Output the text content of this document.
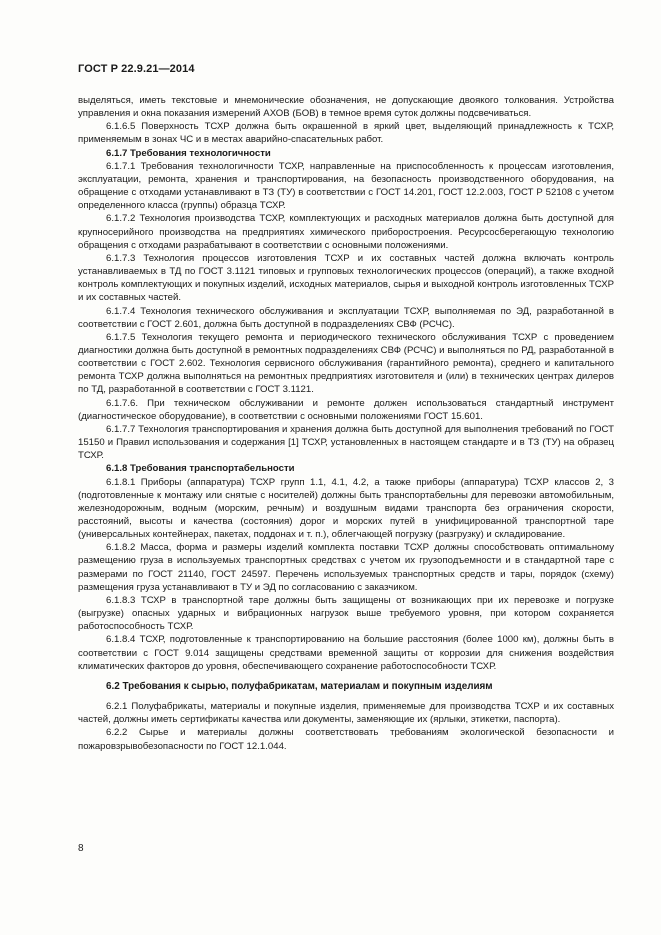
ГОСТ Р 22.9.21—2014

выделяться, иметь текстовые и мнемонические обозначения, не допускающие двоякого толкования. Устройства управления и окна показания измерений АХОВ (БОВ) в темное время суток должны подсвечиваться.

6.1.6.5 Поверхность ТСХР должна быть окрашенной в яркий цвет, выделяющий принадлежность к ТСХР, применяемым в зонах ЧС и в местах аварийно-спасательных работ.

6.1.7 Требования технологичности

6.1.7.1 Требования технологичности ТСХР, направленные на приспособленность к процессам изготовления, эксплуатации, ремонта, хранения и транспортирования, на безопасность производственного оборудования, на обращение с отходами устанавливают в ТЗ (ТУ) в соответствии с ГОСТ 14.201, ГОСТ 12.2.003, ГОСТ Р 52108 с учетом определенного класса (группы) образца ТСХР.

6.1.7.2 Технология производства ТСХР, комплектующих и расходных материалов должна быть доступной для крупносерийного производства на предприятиях химического приборостроения. Ресурсосберегающую технологию обращения с отходами разрабатывают в соответствии с основными положениями.

6.1.7.3 Технология процессов изготовления ТСХР и их составных частей должна включать контроль устанавливаемых в ТД по ГОСТ 3.1121 типовых и групповых технологических процессов (операций), а также входной контроль комплектующих и покупных изделий, исходных материалов, сырья и выходной контроль изготовленных ТСХР и их составных частей.

6.1.7.4 Технология технического обслуживания и эксплуатации ТСХР, выполняемая по ЭД, разработанной в соответствии с ГОСТ 2.601, должна быть доступной в подразделениях СВФ (РСЧС).

6.1.7.5 Технология текущего ремонта и периодического технического обслуживания ТСХР с проведением диагностики должна быть доступной в ремонтных подразделениях СВФ (РСЧС) и выполняться по РД, разработанной в соответствии с ГОСТ 2.602. Технология сервисного обслуживания (гарантийного ремонта), среднего и капитального ремонта ТСХР должна выполняться на ремонтных предприятиях изготовителя и (или) в технических центрах дилеров по ТД, разработанной в соответствии с ГОСТ 3.1121.

6.1.7.6. При техническом обслуживании и ремонте должен использоваться стандартный инструмент (диагностическое оборудование), в соответствии с основными положениями ГОСТ 15.601.

6.1.7.7 Технология транспортирования и хранения должна быть доступной для выполнения требований по ГОСТ 15150 и Правил использования и содержания [1] ТСХР, установленных в настоящем стандарте и в ТЗ (ТУ) на образец ТСХР.

6.1.8 Требования транспортабельности

6.1.8.1 Приборы (аппаратура) ТСХР групп 1.1, 4.1, 4.2, а также приборы (аппаратура) ТСХР классов 2, 3 (подготовленные к монтажу или снятые с носителей) должны быть транспортабельны для перевозки автомобильным, железнодорожным, водным (морским, речным) и воздушным видами транспорта без ограничения скорости, расстояний, высоты и качества (состояния) дорог и морских путей в унифицированной транспортной таре (универсальных контейнерах, пакетах, поддонах и т. п.), облегчающей погрузку (разгрузку) и складирование.

6.1.8.2 Масса, форма и размеры изделий комплекта поставки ТСХР должны способствовать оптимальному размещению груза в используемых транспортных средствах с учетом их грузоподъемности и в стандартной таре с размерами по ГОСТ 21140, ГОСТ 24597. Перечень используемых транспортных средств и тары, порядок (схему) размещения груза устанавливают в ТУ и ЭД по согласованию с заказчиком.

6.1.8.3 ТСХР в транспортной таре должны быть защищены от возникающих при их перевозке и погрузке (выгрузке) опасных ударных и вибрационных нагрузок выше требуемого уровня, при котором сохраняется работоспособность ТСХР.

6.1.8.4 ТСХР, подготовленные к транспортированию на большие расстояния (более 1000 км), должны быть в соответствии с ГОСТ 9.014 защищены средствами временной защиты от коррозии для снижения воздействия климатических факторов до уровня, обеспечивающего сохранение работоспособности ТСХР.

6.2 Требования к сырью, полуфабрикатам, материалам и покупным изделиям

6.2.1 Полуфабрикаты, материалы и покупные изделия, применяемые для производства ТСХР и их составных частей, должны иметь сертификаты качества или документы, заменяющие их (ярлыки, этикетки, паспорта).

6.2.2 Сырье и материалы должны соответствовать требованиям экологической безопасности и пожаровзрывобезопасности по ГОСТ 12.1.044.

8
